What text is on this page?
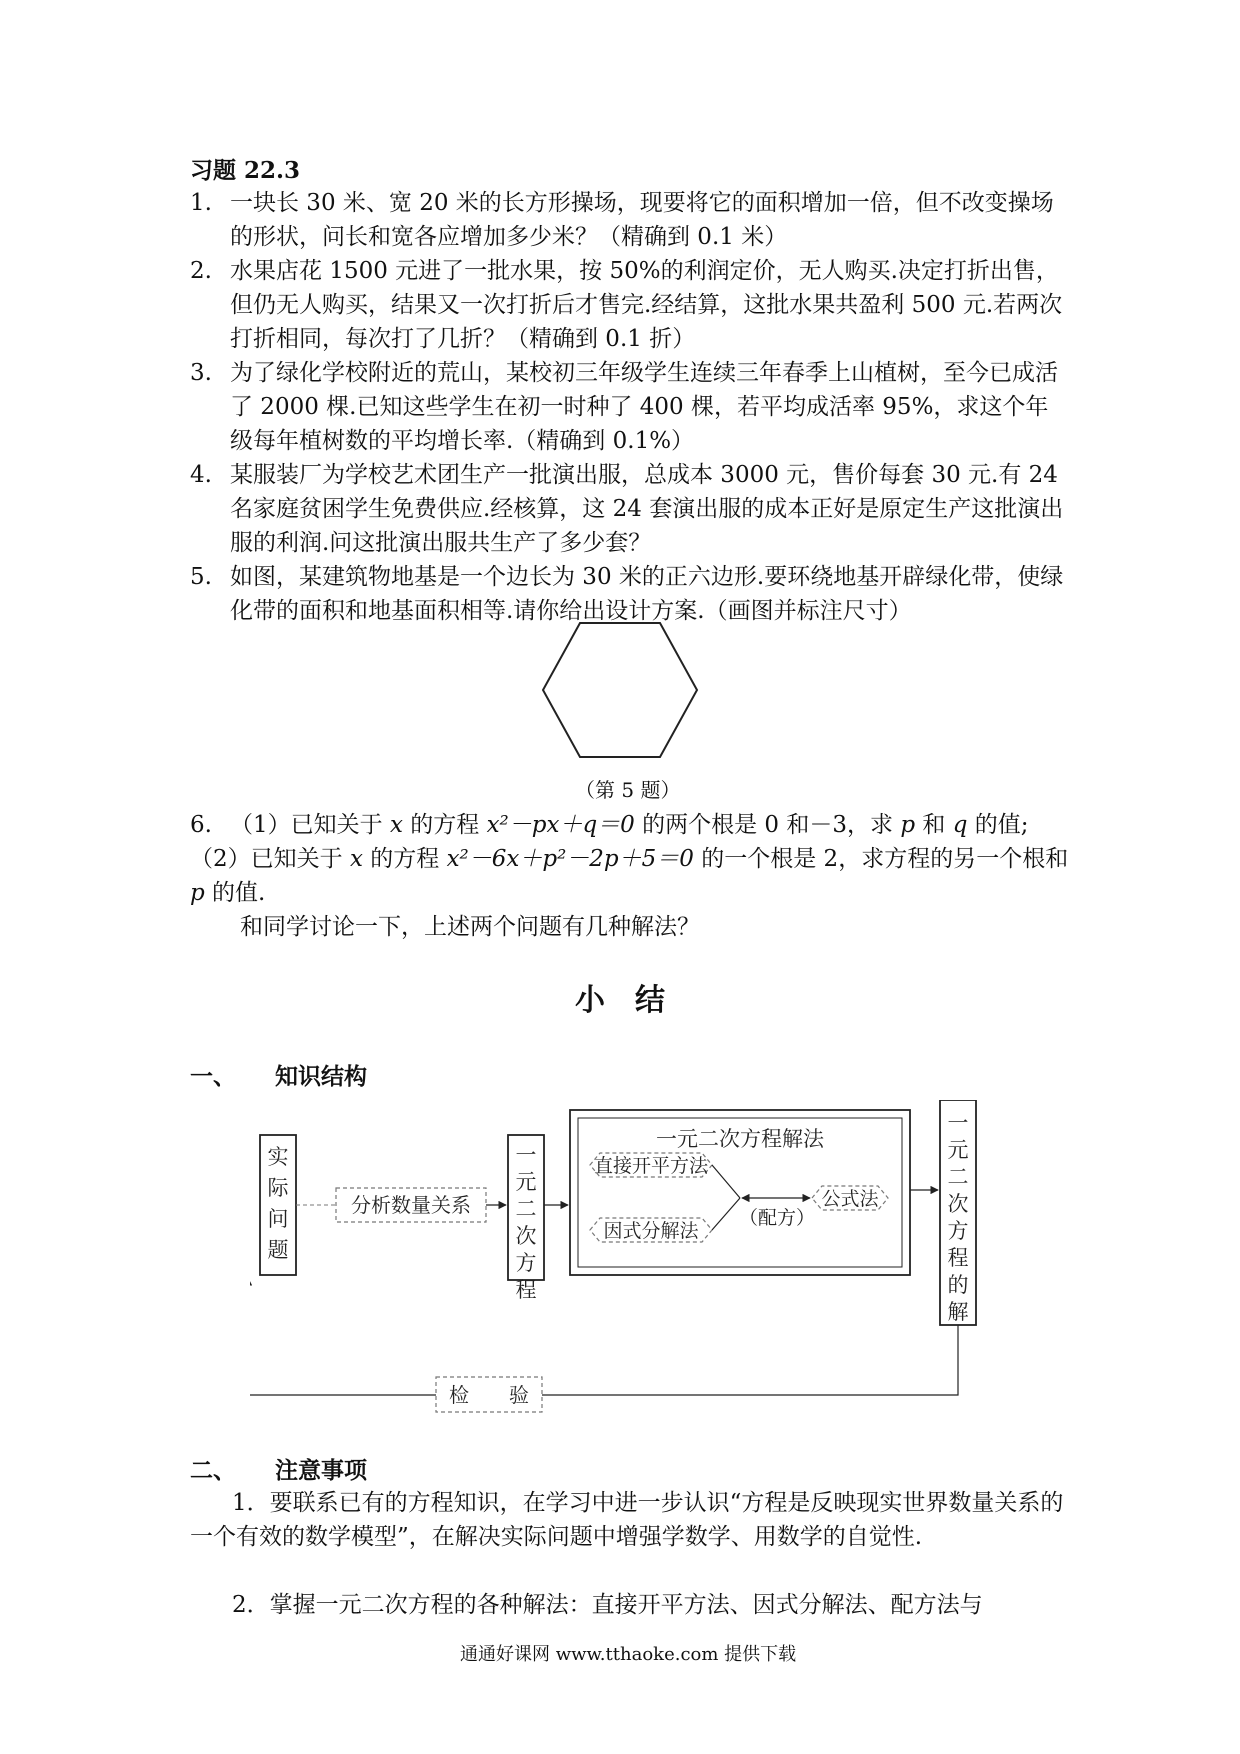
习题 22.3
1. 一块长 30 米、宽 20 米的长方形操场，现要将它的面积增加一倍，但不改变操场的形状，问长和宽各应增加多少米？（精确到 0.1 米）
2. 水果店花 1500 元进了一批水果，按 50%的利润定价，无人购买.决定打折出售，但仍无人购买，结果又一次打折后才售完.经结算，这批水果共盈利 500 元.若两次打折相同，每次打了几折？（精确到 0.1 折）
3. 为了绿化学校附近的荒山，某校初三年级学生连续三年春季上山植树，至今已成活了 2000 棵.已知这些学生在初一时种了 400 棵，若平均成活率 95%，求这个年级每年植树数的平均增长率.（精确到 0.1%）
4. 某服装厂为学校艺术团生产一批演出服，总成本 3000 元，售价每套 30 元.有 24 名家庭贫困学生免费供应.经核算，这 24 套演出服的成本正好是原定生产这批演出服的利润.问这批演出服共生产了多少套？
5. 如图，某建筑物地基是一个边长为 30 米的正六边形.要环绕地基开辟绿化带，使绿化带的面积和地基面积相等.请你给出设计方案.（画图并标注尺寸）
（第 5 题）
6. （1）已知关于 x 的方程 x²－px＋q＝0 的两个根是 0 和－3，求 p 和 q 的值;
（2）已知关于 x 的方程 x²－6x＋p²－2p＋5＝0 的一个根是 2，求方程的另一个根和 p 的值.
和同学讨论一下，上述两个问题有几种解法？
小　结
一、 知识结构
实际问题
分析数量关系
一元二次方程
一元二次方程解法
直接开平方法
因式分解法
（配方）
公式法
一元二次方程的解
检　　验
二、 注意事项
1．要联系已有的方程知识，在学习中进一步认识“方程是反映现实世界数量关系的一个有效的数学模型”，在解决实际问题中增强学数学、用数学的自觉性.
2．掌握一元二次方程的各种解法：直接开平方法、因式分解法、配方法与
通通好课网 www.tthaoke.com 提供下载
